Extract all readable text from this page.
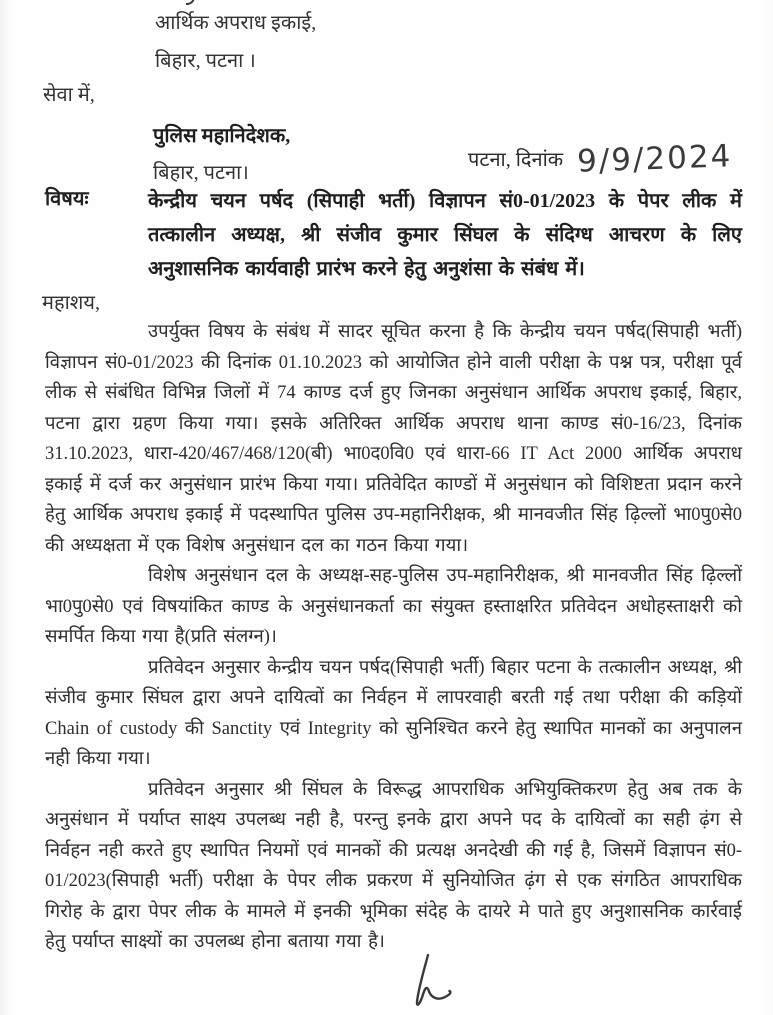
आर्थिक अपराध इकाई,
बिहार, पटना ।
सेवा में,
पुलिस महानिदेशक,
बिहार, पटना।
पटना, दिनांक 9/9/2024
विषयः	केन्द्रीय चयन पर्षद (सिपाही भर्ती) विज्ञापन सं0-01/2023 के पेपर लीक में तत्कालीन अध्यक्ष, श्री संजीव कुमार सिंघल के संदिग्ध आचरण के लिए अनुशासनिक कार्यवाही प्रारंभ करने हेतु अनुशंसा के संबंध में।
महाशय,

उपर्युक्त विषय के संबंध में सादर सूचित करना है कि केन्द्रीय चयन पर्षद(सिपाही भर्ती) विज्ञापन सं0-01/2023 की दिनांक 01.10.2023 को आयोजित होने वाली परीक्षा के पश्न पत्र, परीक्षा पूर्व लीक से संबंधित विभिन्न जिलों में 74 काण्ड दर्ज हुए जिनका अनुसंधान आर्थिक अपराध इकाई, बिहार, पटना द्वारा ग्रहण किया गया। इसके अतिरिक्त आर्थिक अपराध थाना काण्ड सं0-16/23, दिनांक 31.10.2023, धारा-420/467/468/120(बी) भा0द0वि0 एवं धारा-66 IT Act 2000 आर्थिक अपराध इकाई में दर्ज कर अनुसंधान प्रारंभ किया गया। प्रतिवेदित काण्डों में अनुसंधान को विशिष्टता प्रदान करने हेतु आर्थिक अपराध इकाई में पदस्थापित पुलिस उप-महानिरीक्षक, श्री मानवजीत सिंह ढ़िल्लों भा0पु0से0 की अध्यक्षता में एक विशेष अनुसंधान दल का गठन किया गया।

विशेष अनुसंधान दल के अध्यक्ष-सह-पुलिस उप-महानिरीक्षक, श्री मानवजीत सिंह ढ़िल्लों भा0पु0से0 एवं विषयांकित काण्ड के अनुसंधानकर्ता का संयुक्त हस्ताक्षरित प्रतिवेदन अधोहस्ताक्षरी को समर्पित किया गया है(प्रति संलग्न)।

प्रतिवेदन अनुसार केन्द्रीय चयन पर्षद(सिपाही भर्ती) बिहार पटना के तत्कालीन अध्यक्ष, श्री संजीव कुमार सिंघल द्वारा अपने दायित्वों का निर्वहन में लापरवाही बरती गई तथा परीक्षा की कड़ियों Chain of custody की Sanctity एवं Integrity को सुनिश्चित करने हेतु स्थापित मानकों का अनुपालन नही किया गया।

प्रतिवेदन अनुसार श्री सिंघल के विरूद्ध आपराधिक अभियुक्तिकरण हेतु अब तक के अनुसंधान में पर्याप्त साक्ष्य उपलब्ध नही है, परन्तु इनके द्वारा अपने पद के दायित्वों का सही ढ़ंग से निर्वहन नही करते हुए स्थापित नियमों एवं मानकों की प्रत्यक्ष अनदेखी की गई है, जिसमें विज्ञापन सं0-01/2023(सिपाही भर्ती) परीक्षा के पेपर लीक प्रकरण में सुनियोजित ढ़ंग से एक संगठित आपराधिक गिरोह के द्वारा पेपर लीक के मामले में इनकी भूमिका संदेह के दायरे मे पाते हुए अनुशासनिक कार्रवाई हेतु पर्याप्त साक्ष्यों का उपलब्ध होना बताया गया है।
